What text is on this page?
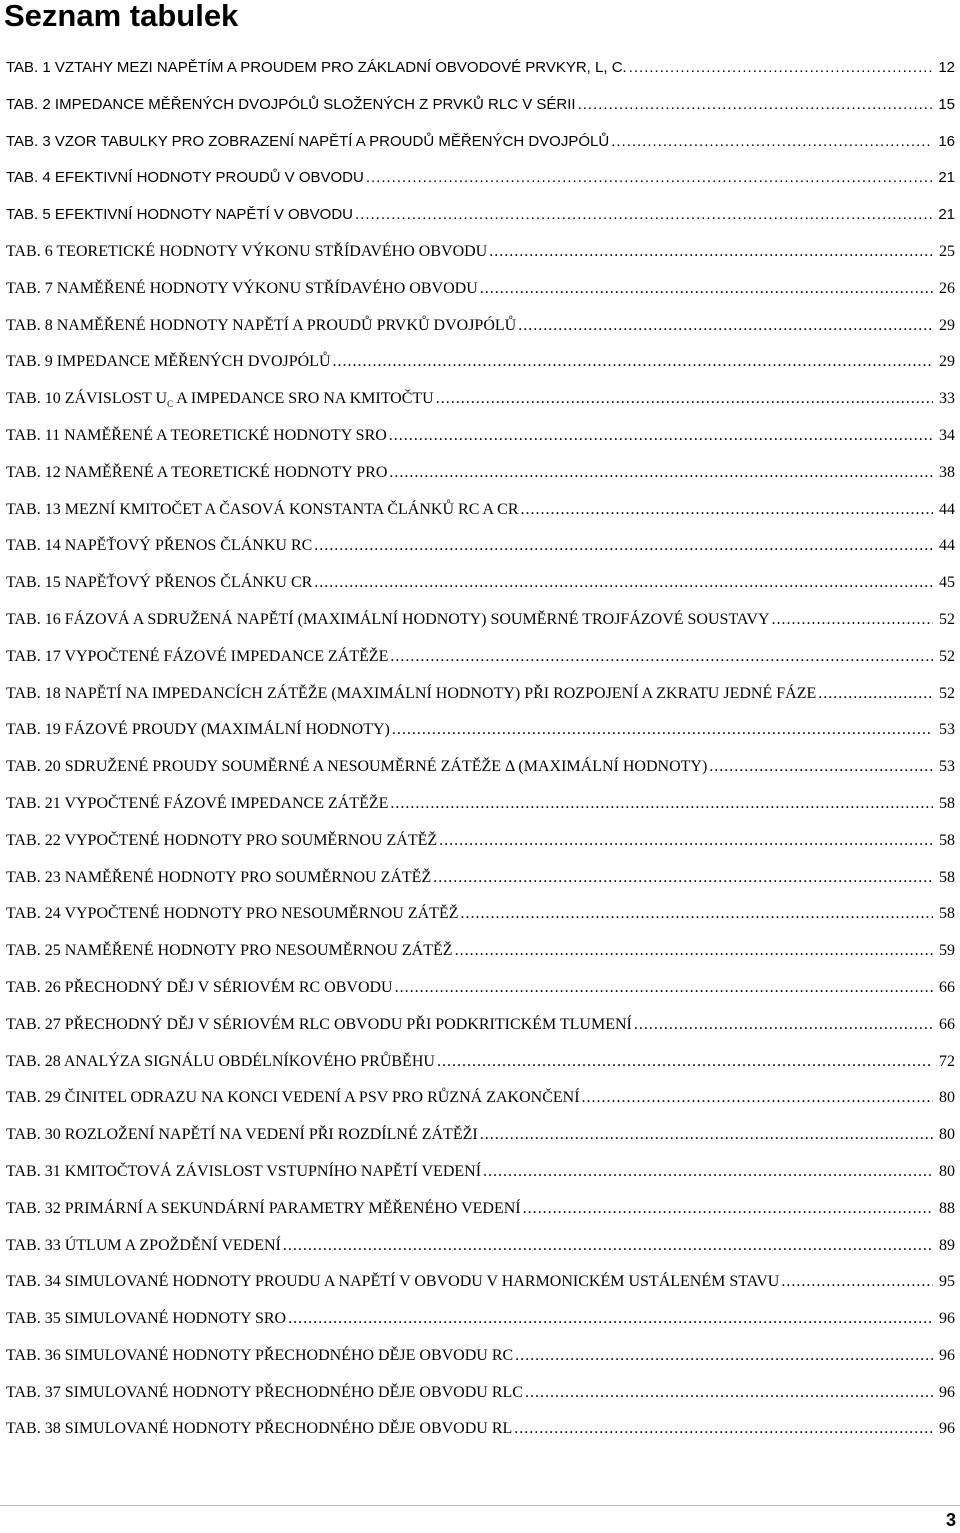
Seznam tabulek
TAB. 1 VZTAHY MEZI NAPĚTÍM A PROUDEM PRO ZÁKLADNÍ OBVODOVÉ PRVKYR, L, C. .....	12
TAB. 2 IMPEDANCE MĚŘENÝCH DVOJPÓLŮ SLOŽENÝCH Z PRVKŮ RLC V SÉRII .....	15
TAB. 3 VZOR TABULKY PRO ZOBRAZENÍ NAPĚTÍ A PROUDŮ MĚŘENÝCH DVOJPÓLŮ .....	16
TAB. 4 EFEKTIVNÍ HODNOTY PROUDŮ V OBVODU .....	21
TAB. 5 EFEKTIVNÍ HODNOTY NAPĚTÍ V OBVODU .....	21
TAB. 6 TEORETICKÉ HODNOTY VÝKONU STŘÍDAVÉHO OBVODU .....	25
TAB. 7 NAMĚŘENÉ HODNOTY VÝKONU STŘÍDAVÉHO OBVODU .....	26
TAB. 8 NAMĚŘENÉ HODNOTY NAPĚTÍ A PROUDŮ PRVKŮ DVOJPÓLŮ .....	29
TAB. 9 IMPEDANCE MĚŘENÝCH DVOJPÓLŮ .....	29
TAB. 10 ZÁVISLOST $U_C$ A IMPEDANCE SRO NA KMITOČTU .....	33
TAB. 11 NAMĚŘENÉ A TEORETICKÉ HODNOTY SRO .....	34
TAB. 12 NAMĚŘENÉ A TEORETICKÉ HODNOTY PRO .....	38
TAB. 13 MEZNÍ KMITOČET A ČASOVÁ KONSTANTA ČLÁNKŮ RC A CR .....	44
TAB. 14 NAPĚŤOVÝ PŘENOS ČLÁNKU RC .....	44
TAB. 15 NAPĚŤOVÝ PŘENOS ČLÁNKU CR .....	45
TAB. 16 FÁZOVÁ A SDRUŽENÁ NAPĚTÍ (MAXIMÁLNÍ HODNOTY) SOUMĚRNÉ TROJFÁZOVÉ SOUSTAVY .....	52
TAB. 17 VYPOČTENÉ FÁZOVÉ IMPEDANCE ZÁTĚŽE .....	52
TAB. 18 NAPĚTÍ NA IMPEDANCÍCH ZÁTĚŽE (MAXIMÁLNÍ HODNOTY) PŘI ROZPOJENÍ A ZKRATU JEDNÉ FÁZE .....	52
TAB. 19 FÁZOVÉ PROUDY (MAXIMÁLNÍ HODNOTY) .....	53
TAB. 20 SDRUŽENÉ PROUDY SOUMĚRNÉ A NESOUMĚRNÉ ZÁTĚŽE Δ (MAXIMÁLNÍ HODNOTY) .....	53
TAB. 21 VYPOČTENÉ FÁZOVÉ IMPEDANCE ZÁTĚŽE .....	58
TAB. 22 VYPOČTENÉ HODNOTY PRO SOUMĚRNOU ZÁTĚŽ .....	58
TAB. 23 NAMĚŘENÉ HODNOTY PRO SOUMĚRNOU ZÁTĚŽ .....	58
TAB. 24 VYPOČTENÉ HODNOTY PRO NESOUMĚRNOU ZÁTĚŽ .....	58
TAB. 25 NAMĚŘENÉ HODNOTY PRO NESOUMĚRNOU ZÁTĚŽ .....	59
TAB. 26 PŘECHODNÝ DĚJ V SÉRIOVÉM RC OBVODU .....	66
TAB. 27 PŘECHODNÝ DĚJ V SÉRIOVÉM RLC OBVODU PŘI PODKRITICKÉM TLUMENÍ .....	66
TAB. 28 ANALÝZA SIGNÁLU OBDÉLNÍKOVÉHO PRŮBĚHU .....	72
TAB. 29 ČINITEL ODRAZU NA KONCI VEDENÍ A PSV PRO RŮZNÁ ZAKONČENÍ .....	80
TAB. 30 ROZLOŽENÍ NAPĚTÍ NA VEDENÍ PŘI ROZDÍLNÉ ZÁTĚŽI .....	80
TAB. 31 KMITOČTOVÁ ZÁVISLOST VSTUPNÍHO NAPĚTÍ VEDENÍ .....	80
TAB. 32 PRIMÁRNÍ A SEKUNDÁRNÍ PARAMETRY MĚŘENÉHO VEDENÍ .....	88
TAB. 33 ÚTLUM A ZPOŽDĚNÍ VEDENÍ .....	89
TAB. 34 SIMULOVANÉ HODNOTY PROUDU A NAPĚTÍ V OBVODU V HARMONICKÉM USTÁLENÉM STAVU .....	95
TAB. 35 SIMULOVANÉ HODNOTY SRO .....	96
TAB. 36 SIMULOVANÉ HODNOTY PŘECHODNÉHO DĚJE OBVODU RC .....	96
TAB. 37 SIMULOVANÉ HODNOTY PŘECHODNÉHO DĚJE OBVODU RLC .....	96
TAB. 38 SIMULOVANÉ HODNOTY PŘECHODNÉHO DĚJE OBVODU RL .....	96
3
